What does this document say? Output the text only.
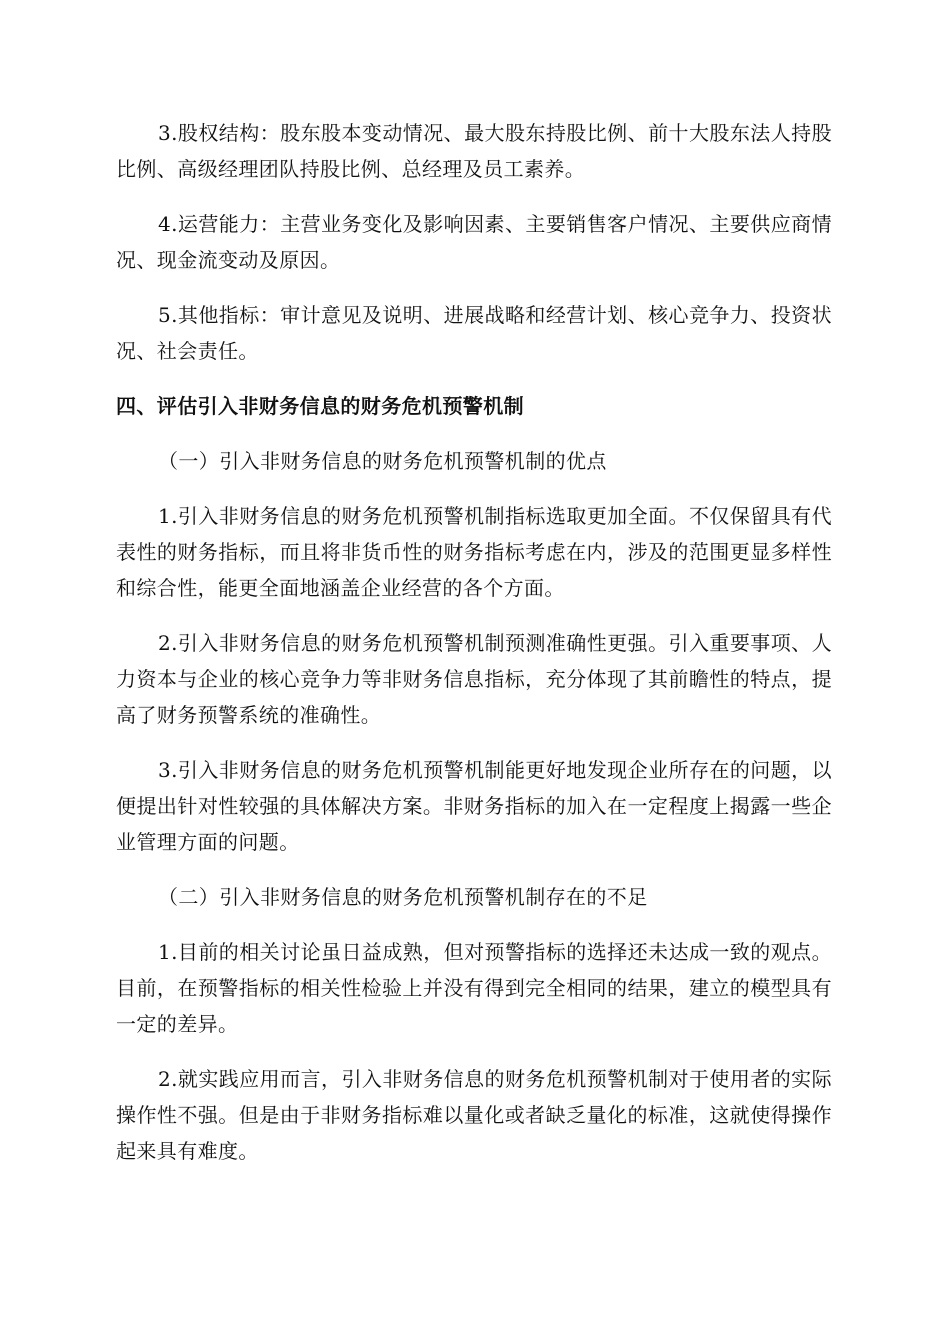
3.股权结构：股东股本变动情况、最大股东持股比例、前十大股东法人持股比例、高级经理团队持股比例、总经理及员工素养。

4.运营能力：主营业务变化及影响因素、主要销售客户情况、主要供应商情况、现金流变动及原因。

5.其他指标：审计意见及说明、进展战略和经营计划、核心竞争力、投资状况、社会责任。

四、评估引入非财务信息的财务危机预警机制

（一）引入非财务信息的财务危机预警机制的优点

1.引入非财务信息的财务危机预警机制指标选取更加全面。不仅保留具有代表性的财务指标，而且将非货币性的财务指标考虑在内，涉及的范围更显多样性和综合性，能更全面地涵盖企业经营的各个方面。

2.引入非财务信息的财务危机预警机制预测准确性更强。引入重要事项、人力资本与企业的核心竞争力等非财务信息指标，充分体现了其前瞻性的特点，提高了财务预警系统的准确性。

3.引入非财务信息的财务危机预警机制能更好地发现企业所存在的问题，以便提出针对性较强的具体解决方案。非财务指标的加入在一定程度上揭露一些企业管理方面的问题。

（二）引入非财务信息的财务危机预警机制存在的不足

1.目前的相关讨论虽日益成熟，但对预警指标的选择还未达成一致的观点。目前，在预警指标的相关性检验上并没有得到完全相同的结果，建立的模型具有一定的差异。

2.就实践应用而言，引入非财务信息的财务危机预警机制对于使用者的实际操作性不强。但是由于非财务指标难以量化或者缺乏量化的标准，这就使得操作起来具有难度。
